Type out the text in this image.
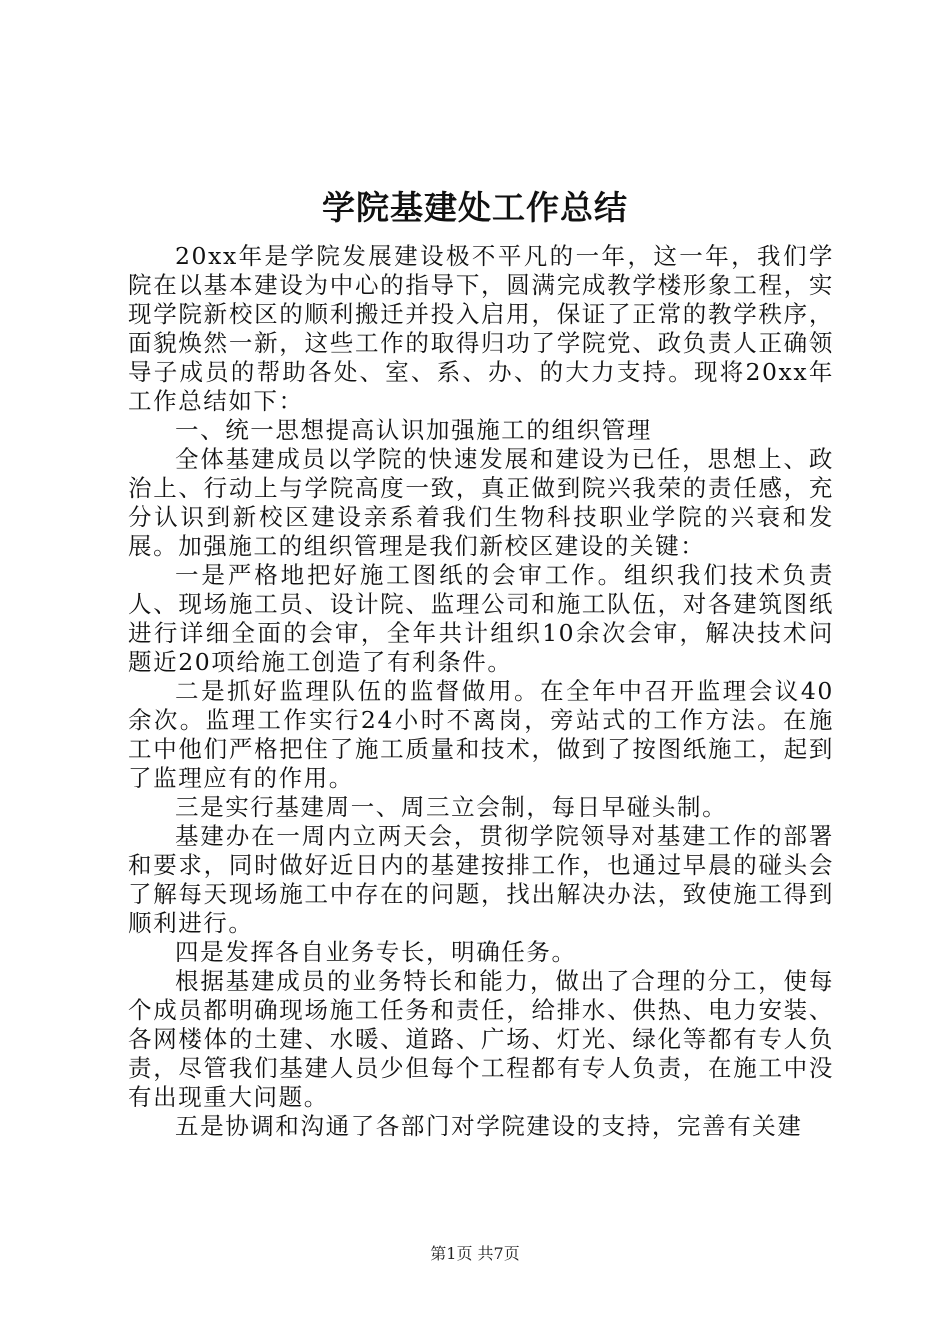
学院基建处工作总结

20xx年是学院发展建设极不平凡的一年，这一年，我们学院在以基本建设为中心的指导下，圆满完成教学楼形象工程，实现学院新校区的顺利搬迁并投入启用，保证了正常的教学秩序，面貌焕然一新，这些工作的取得归功了学院党、政负责人正确领导子成员的帮助各处、室、系、办、的大力支持。现将20xx年工作总结如下：

一、统一思想提高认识加强施工的组织管理

全体基建成员以学院的快速发展和建设为已任，思想上、政治上、行动上与学院高度一致，真正做到院兴我荣的责任感，充分认识到新校区建设亲系着我们生物科技职业学院的兴衰和发展。加强施工的组织管理是我们新校区建设的关键：

一是严格地把好施工图纸的会审工作。组织我们技术负责人、现场施工员、设计院、监理公司和施工队伍，对各建筑图纸进行详细全面的会审，全年共计组织10余次会审，解决技术问题近20项给施工创造了有利条件。

二是抓好监理队伍的监督做用。在全年中召开监理会议40余次。监理工作实行24小时不离岗，旁站式的工作方法。在施工中他们严格把住了施工质量和技术，做到了按图纸施工，起到了监理应有的作用。

三是实行基建周一、周三立会制，每日早碰头制。

基建办在一周内立两天会，贯彻学院领导对基建工作的部署和要求，同时做好近日内的基建按排工作，也通过早晨的碰头会了解每天现场施工中存在的问题，找出解决办法，致使施工得到顺利进行。

四是发挥各自业务专长，明确任务。

根据基建成员的业务特长和能力，做出了合理的分工，使每个成员都明确现场施工任务和责任，给排水、供热、电力安装、各网楼体的土建、水暖、道路、广场、灯光、绿化等都有专人负责，尽管我们基建人员少但每个工程都有专人负责，在施工中没有出现重大问题。

五是协调和沟通了各部门对学院建设的支持，完善有关建

第1页 共7页
